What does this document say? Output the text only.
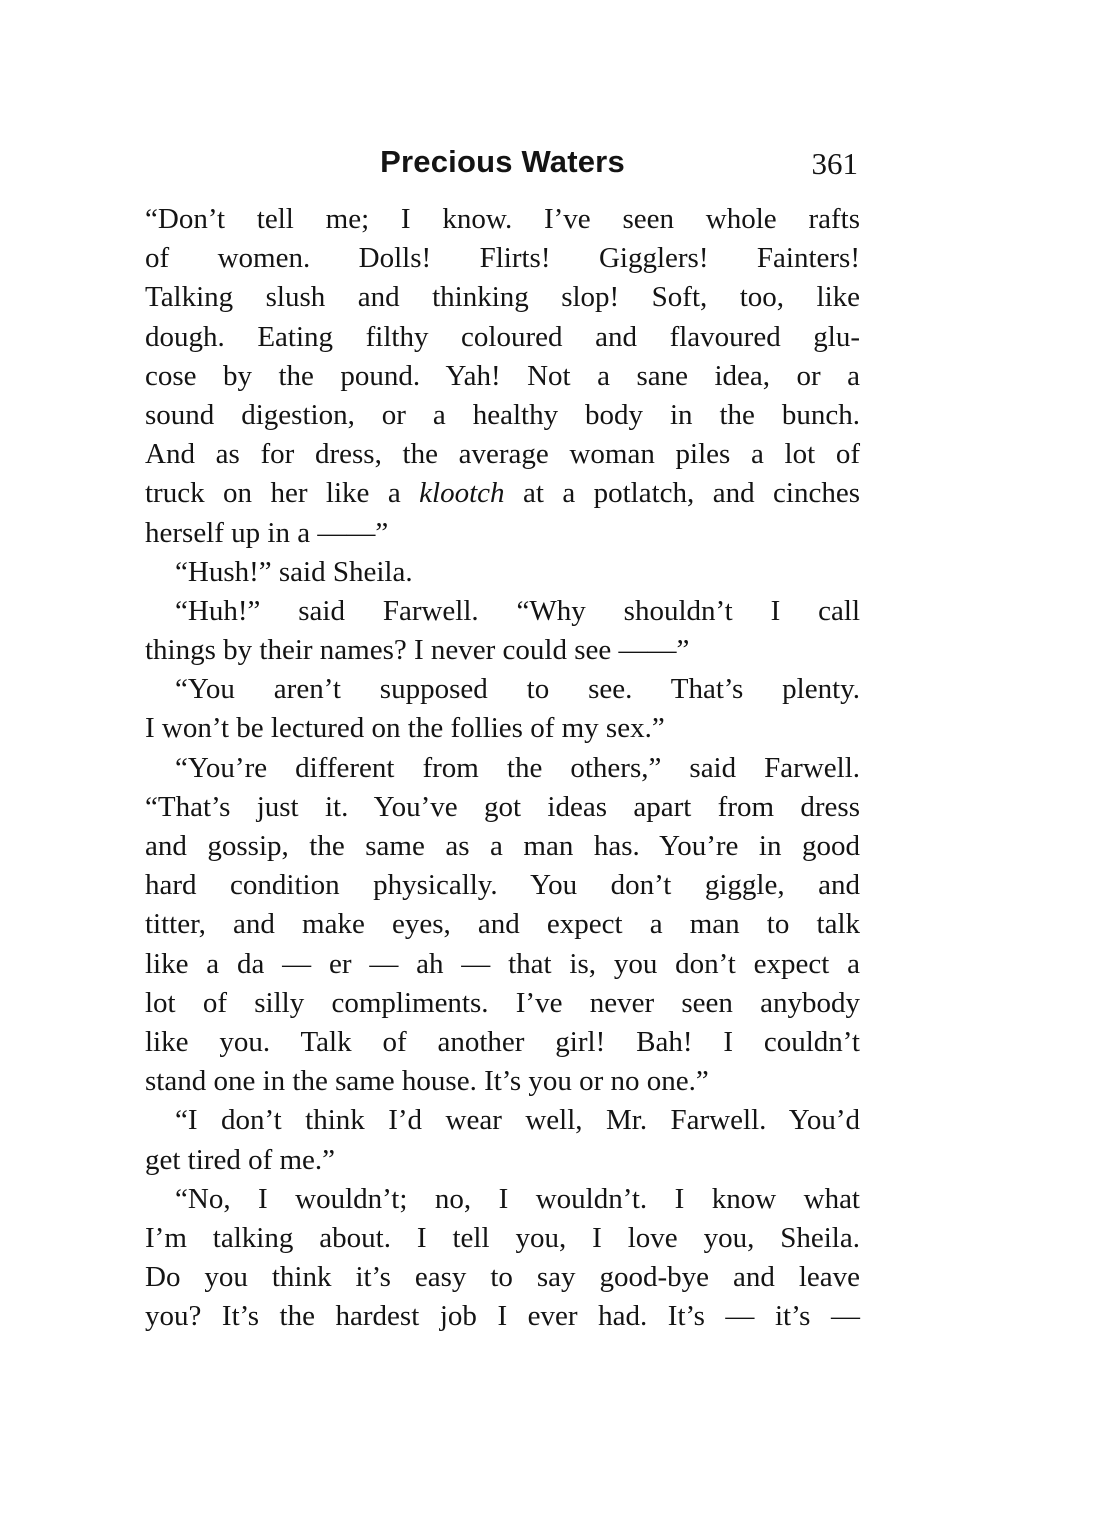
Precious Waters	361
“Don’t tell me; I know. I’ve seen whole rafts
of women. Dolls! Flirts! Gigglers! Fainters!
Talking slush and thinking slop! Soft, too, like
dough. Eating filthy coloured and flavoured glu-
cose by the pound. Yah! Not a sane idea, or a
sound digestion, or a healthy body in the bunch.
And as for dress, the average woman piles a lot of
truck on her like a klootch at a potlatch, and cinches
herself up in a ——”
“Hush!” said Sheila.
“Huh!” said Farwell. “Why shouldn’t I call
things by their names? I never could see ——”
“You aren’t supposed to see. That’s plenty.
I won’t be lectured on the follies of my sex.”
“You’re different from the others,” said Farwell.
“That’s just it. You’ve got ideas apart from dress
and gossip, the same as a man has. You’re in good
hard condition physically. You don’t giggle, and
titter, and make eyes, and expect a man to talk
like a da — er — ah — that is, you don’t expect a
lot of silly compliments. I’ve never seen anybody
like you. Talk of another girl! Bah! I couldn’t
stand one in the same house. It’s you or no one.”
“I don’t think I’d wear well, Mr. Farwell. You’d
get tired of me.”
“No, I wouldn’t; no, I wouldn’t. I know what
I’m talking about. I tell you, I love you, Sheila.
Do you think it’s easy to say good-bye and leave
you? It’s the hardest job I ever had. It’s — it’s —
